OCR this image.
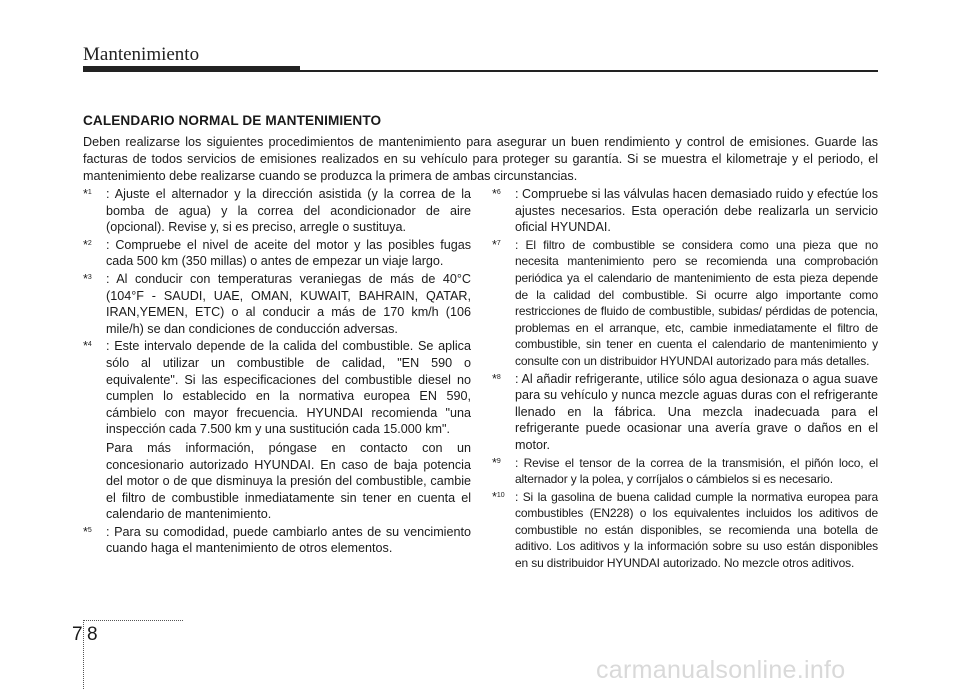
Mantenimiento
CALENDARIO NORMAL DE MANTENIMIENTO
Deben realizarse los siguientes procedimientos de mantenimiento para asegurar un buen rendimiento y control de emisiones. Guarde las facturas de todos servicios de emisiones realizados en su vehículo para proteger su garantía. Si se muestra el kilometraje y el periodo, el mantenimiento debe realizarse cuando se produzca la primera de ambas circunstancias.
*$^1$ : Ajuste el alternador y la dirección asistida (y la correa de la bomba de agua) y la correa del acondicionador de aire (opcional). Revise y, si es preciso, arregle o sustituya.
*$^2$ : Compruebe el nivel de aceite del motor y las posibles fugas cada 500 km (350 millas) o antes de empezar un viaje largo.
*$^3$ : Al conducir con temperaturas veraniegas de más de 40°C (104°F - SAUDI, UAE, OMAN, KUWAIT, BAHRAIN, QATAR, IRAN,YEMEN, ETC) o al conducir a más de 170 km/h (106 mile/h) se dan condiciones de conducción adversas.
*$^4$ : Este intervalo depende de la calida del combustible. Se aplica sólo al utilizar un combustible de calidad, "EN 590 o equivalente". Si las especificaciones del combustible diesel no cumplen lo establecido en la normativa europea EN 590, cámbielo con mayor frecuencia. HYUNDAI recomienda "una inspección cada 7.500 km y una sustitución cada 15.000 km".
Para más información, póngase en contacto con un concesionario autorizado HYUNDAI. En caso de baja potencia del motor o de que disminuya la presión del combustible, cambie el filtro de combustible inmediatamente sin tener en cuenta el calendario de mantenimiento.
*$^5$ : Para su comodidad, puede cambiarlo antes de su vencimiento cuando haga el mantenimiento de otros elementos.
*$^6$ : Compruebe si las válvulas hacen demasiado ruido y efectúe los ajustes necesarios. Esta operación debe realizarla un servicio oficial HYUNDAI.
*$^7$ : El filtro de combustible se considera como una pieza que no necesita mantenimiento pero se recomienda una comprobación periódica ya el calendario de mantenimiento de esta pieza depende de la calidad del combustible. Si ocurre algo importante como restricciones de fluido de combustible, subidas/ pérdidas de potencia, problemas en el arranque, etc, cambie inmediatamente el filtro de combustible, sin tener en cuenta el calendario de mantenimiento y consulte con un distribuidor HYUNDAI autorizado para más detalles.
*$^8$ : Al añadir refrigerante, utilice sólo agua desionaza o agua suave para su vehículo y nunca mezcle aguas duras con el refrigerante llenado en la fábrica. Una mezcla inadecuada para el refrigerante puede ocasionar una avería grave o daños en el motor.
*$^9$ : Revise el tensor de la correa de la transmisión, el piñón loco, el alternador y la polea, y corríjalos o cámbielos si es necesario.
*$^{10}$ : Si la gasolina de buena calidad cumple la normativa europea para combustibles (EN228) o los equivalentes incluidos los aditivos de combustible no están disponibles, se recomienda una botella de aditivo. Los aditivos y la información sobre su uso están disponibles en su distribuidor HYUNDAI autorizado. No mezcle otros aditivos.
7 8
carmanualsonline.info
